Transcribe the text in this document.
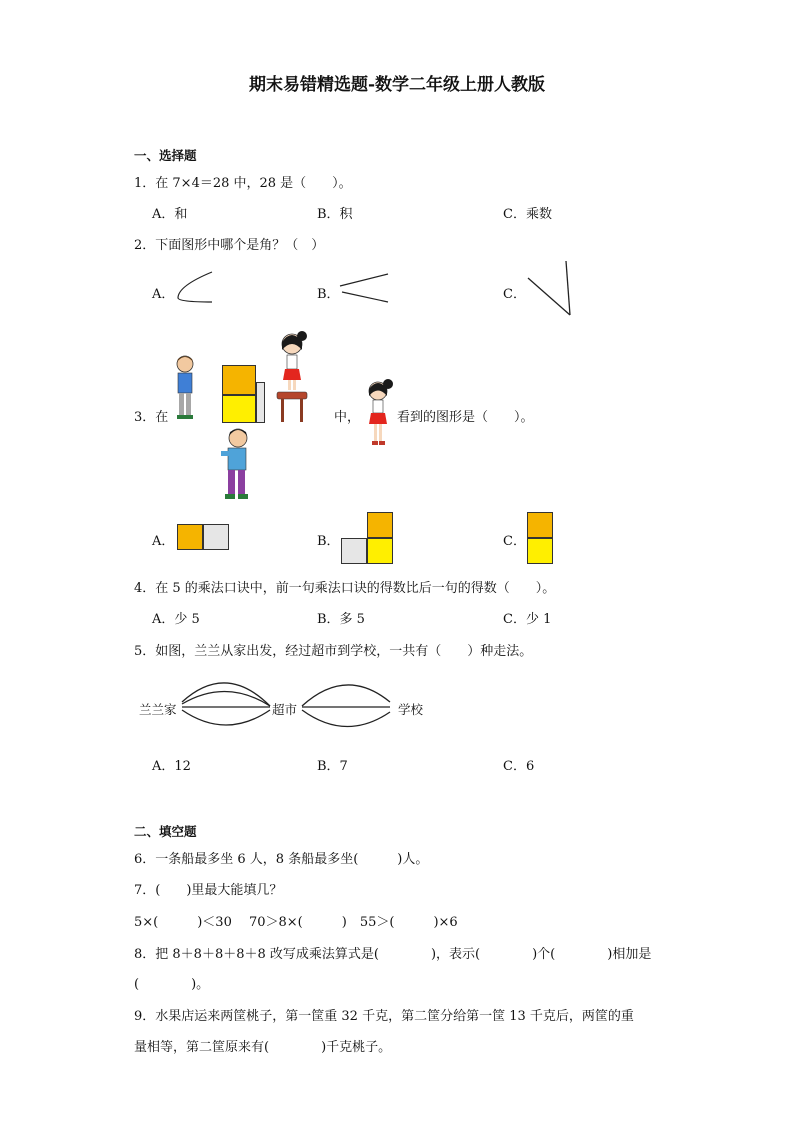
期末易错精选题-数学二年级上册人教版
一、选择题
1．在 7×4＝28 中，28 是（　　）。
A．和	B．积	C．乘数
2．下面图形中哪个是角？（　）
A．	B．	C．
3．在	中，	看到的图形是（　　）。
A．	B．	C．
4．在 5 的乘法口诀中，前一句乘法口诀的得数比后一句的得数（　　）。
A．少 5	B．多 5	C．少 1
5．如图，兰兰从家出发，经过超市到学校，一共有（　　）种走法。
兰兰家	超市	学校
A．12	B．7	C．6
二、填空题
6．一条船最多坐 6 人，8 条船最多坐(　　　)人。
7．(　　)里最大能填几？
5×(　　　)＜30　 70＞8×(　　　)　55＞(　　　)×6
8．把 8＋8＋8＋8＋8 改写成乘法算式是(　　　　)，表示(　　　　)个(　　　　)相加是
(　　　　)。
9．水果店运来两筐桃子，第一筐重 32 千克，第二筐分给第一筐 13 千克后，两筐的重
量相等，第二筐原来有(　　　　)千克桃子。
